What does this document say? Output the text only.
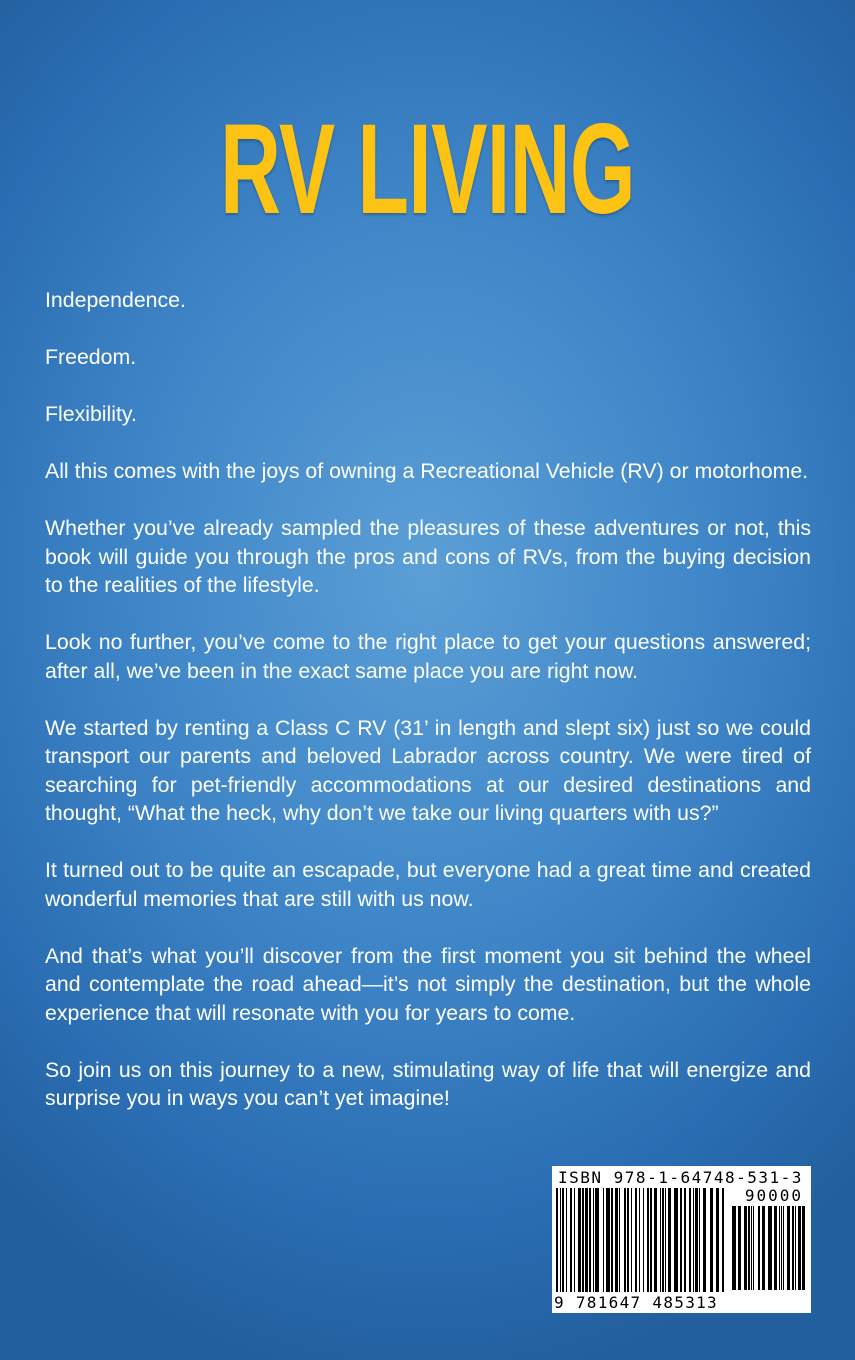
RV LIVING

Independence.

Freedom.

Flexibility.

All this comes with the joys of owning a Recreational Vehicle (RV) or motorhome.

Whether you’ve already sampled the pleasures of these adventures or not, this book will guide you through the pros and cons of RVs, from the buying decision to the realities of the lifestyle.

Look no further, you’ve come to the right place to get your questions answered; after all, we’ve been in the exact same place you are right now.

We started by renting a Class C RV (31’ in length and slept six) just so we could transport our parents and beloved Labrador across country. We were tired of searching for pet-friendly accommodations at our desired destinations and thought, “What the heck, why don’t we take our living quarters with us?”

It turned out to be quite an escapade, but everyone had a great time and created wonderful memories that are still with us now.

And that’s what you’ll discover from the first moment you sit behind the wheel and contemplate the road ahead—it’s not simply the destination, but the whole experience that will resonate with you for years to come.

So join us on this journey to a new, stimulating way of life that will energize and surprise you in ways you can’t yet imagine!

ISBN 978-1-64748-531-3
90000
9 781647 485313
